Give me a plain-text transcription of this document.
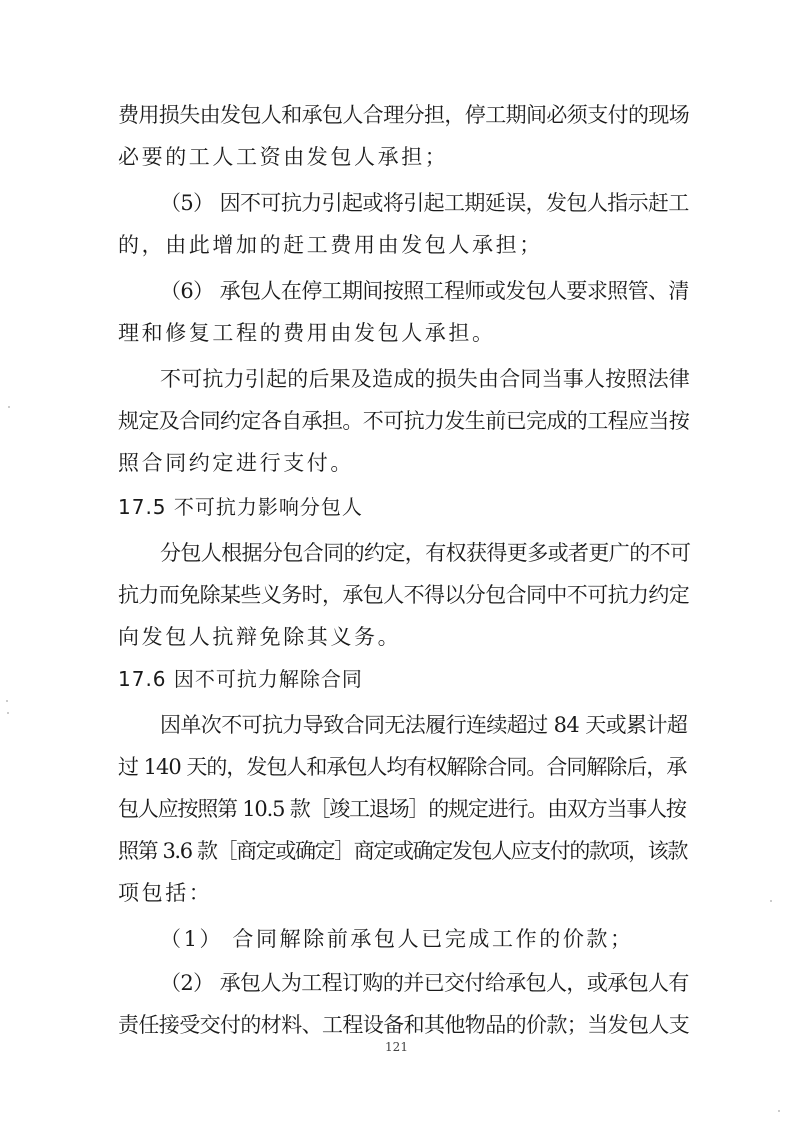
费用损失由发包人和承包人合理分担，停工期间必须支付的现场
必要的工人工资由发包人承担；
（5） 因不可抗力引起或将引起工期延误，发包人指示赶工
的，由此增加的赶工费用由发包人承担；
（6） 承包人在停工期间按照工程师或发包人要求照管、清
理和修复工程的费用由发包人承担。
不可抗力引起的后果及造成的损失由合同当事人按照法律
规定及合同约定各自承担。不可抗力发生前已完成的工程应当按
照合同约定进行支付。
17.5 不可抗力影响分包人
分包人根据分包合同的约定，有权获得更多或者更广的不可
抗力而免除某些义务时，承包人不得以分包合同中不可抗力约定
向发包人抗辩免除其义务。
17.6 因不可抗力解除合同
因单次不可抗力导致合同无法履行连续超过 84 天或累计超
过 140 天的，发包人和承包人均有权解除合同。合同解除后，承
包人应按照第 10.5 款［竣工退场］的规定进行。由双方当事人按
照第 3.6 款［商定或确定］商定或确定发包人应支付的款项，该款
项包括：
（1） 合同解除前承包人已完成工作的价款；
（2） 承包人为工程订购的并已交付给承包人，或承包人有
责任接受交付的材料、工程设备和其他物品的价款；当发包人支
121
